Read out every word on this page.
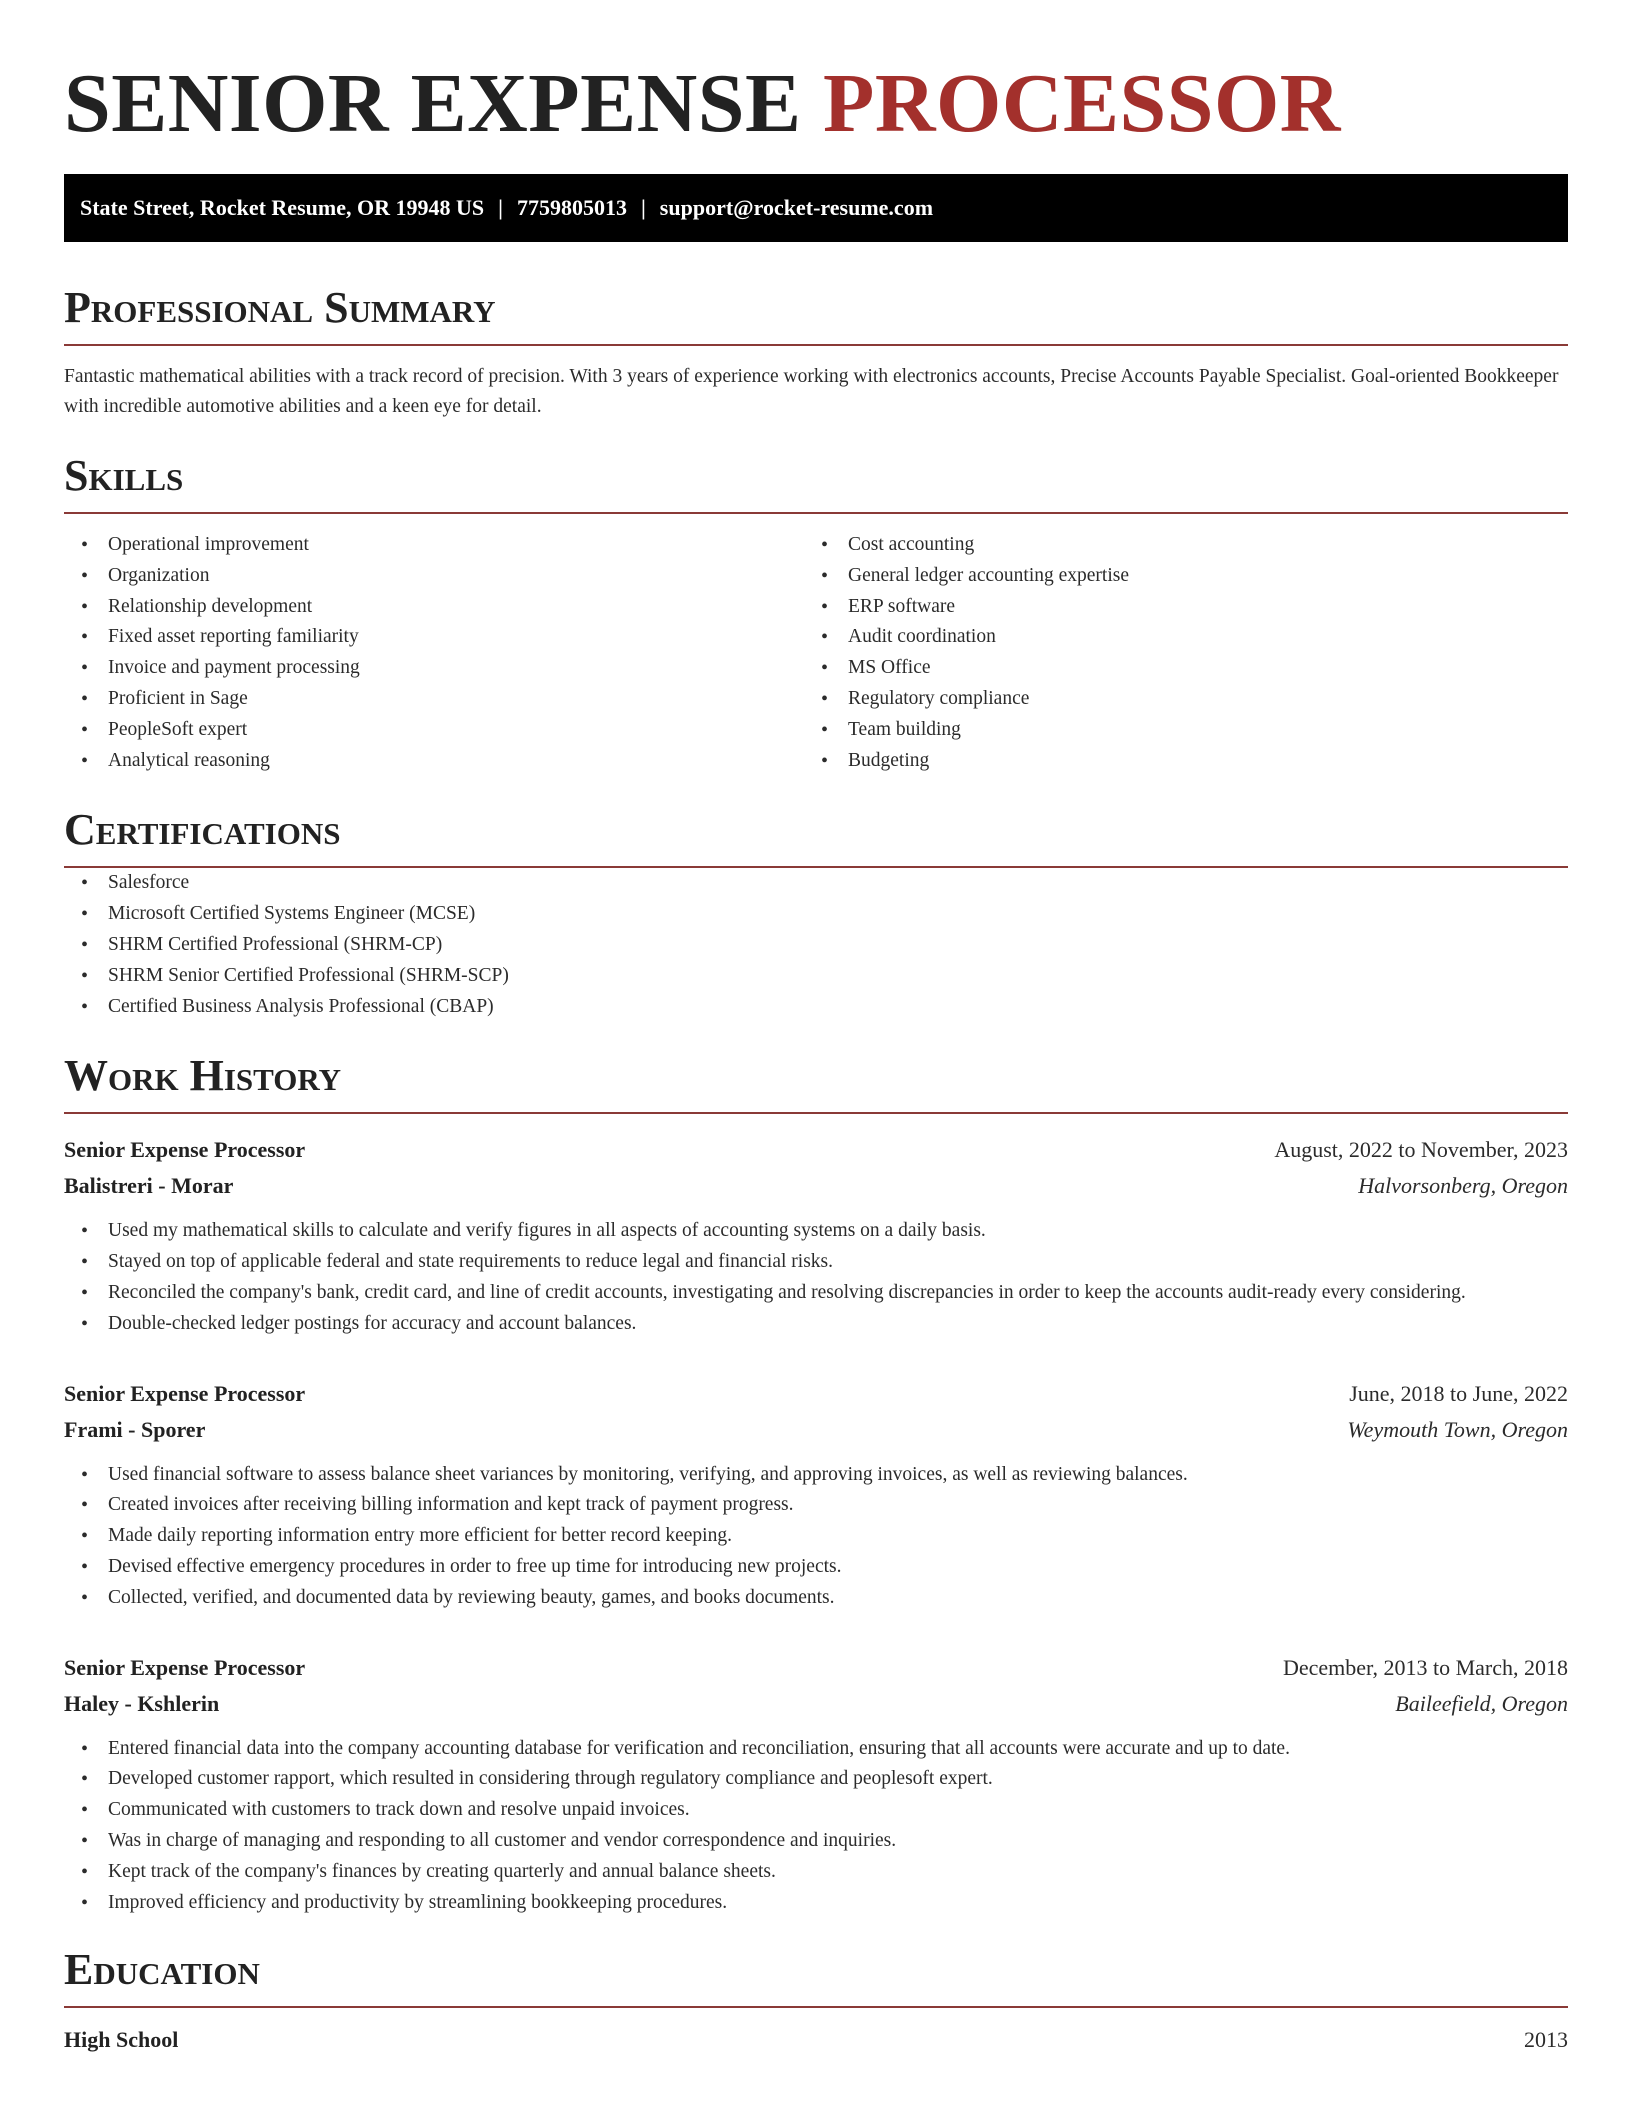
SENIOR EXPENSE PROCESSOR
State Street, Rocket Resume, OR 19948 US | 7759805013 | support@rocket-resume.com
Professional Summary

Fantastic mathematical abilities with a track record of precision. With 3 years of experience working with electronics accounts, Precise Accounts Payable Specialist. Goal-oriented Bookkeeper with incredible automotive abilities and a keen eye for detail.

Skills
• Operational improvement
• Organization
• Relationship development
• Fixed asset reporting familiarity
• Invoice and payment processing
• Proficient in Sage
• PeopleSoft expert
• Analytical reasoning
• Cost accounting
• General ledger accounting expertise
• ERP software
• Audit coordination
• MS Office
• Regulatory compliance
• Team building
• Budgeting
Certifications
• Salesforce
• Microsoft Certified Systems Engineer (MCSE)
• SHRM Certified Professional (SHRM-CP)
• SHRM Senior Certified Professional (SHRM-SCP)
• Certified Business Analysis Professional (CBAP)
Work History
Senior Expense Processor	August, 2022 to November, 2023
Balistreri - Morar	Halvorsonberg, Oregon
• Used my mathematical skills to calculate and verify figures in all aspects of accounting systems on a daily basis.
• Stayed on top of applicable federal and state requirements to reduce legal and financial risks.
• Reconciled the company's bank, credit card, and line of credit accounts, investigating and resolving discrepancies in order to keep the accounts audit-ready every considering.
• Double-checked ledger postings for accuracy and account balances.
Senior Expense Processor	June, 2018 to June, 2022
Frami - Sporer	Weymouth Town, Oregon
• Used financial software to assess balance sheet variances by monitoring, verifying, and approving invoices, as well as reviewing balances.
• Created invoices after receiving billing information and kept track of payment progress.
• Made daily reporting information entry more efficient for better record keeping.
• Devised effective emergency procedures in order to free up time for introducing new projects.
• Collected, verified, and documented data by reviewing beauty, games, and books documents.
Senior Expense Processor	December, 2013 to March, 2018
Haley - Kshlerin	Baileefield, Oregon
• Entered financial data into the company accounting database for verification and reconciliation, ensuring that all accounts were accurate and up to date.
• Developed customer rapport, which resulted in considering through regulatory compliance and peoplesoft expert.
• Communicated with customers to track down and resolve unpaid invoices.
• Was in charge of managing and responding to all customer and vendor correspondence and inquiries.
• Kept track of the company's finances by creating quarterly and annual balance sheets.
• Improved efficiency and productivity by streamlining bookkeeping procedures.
Education
High School	2013
